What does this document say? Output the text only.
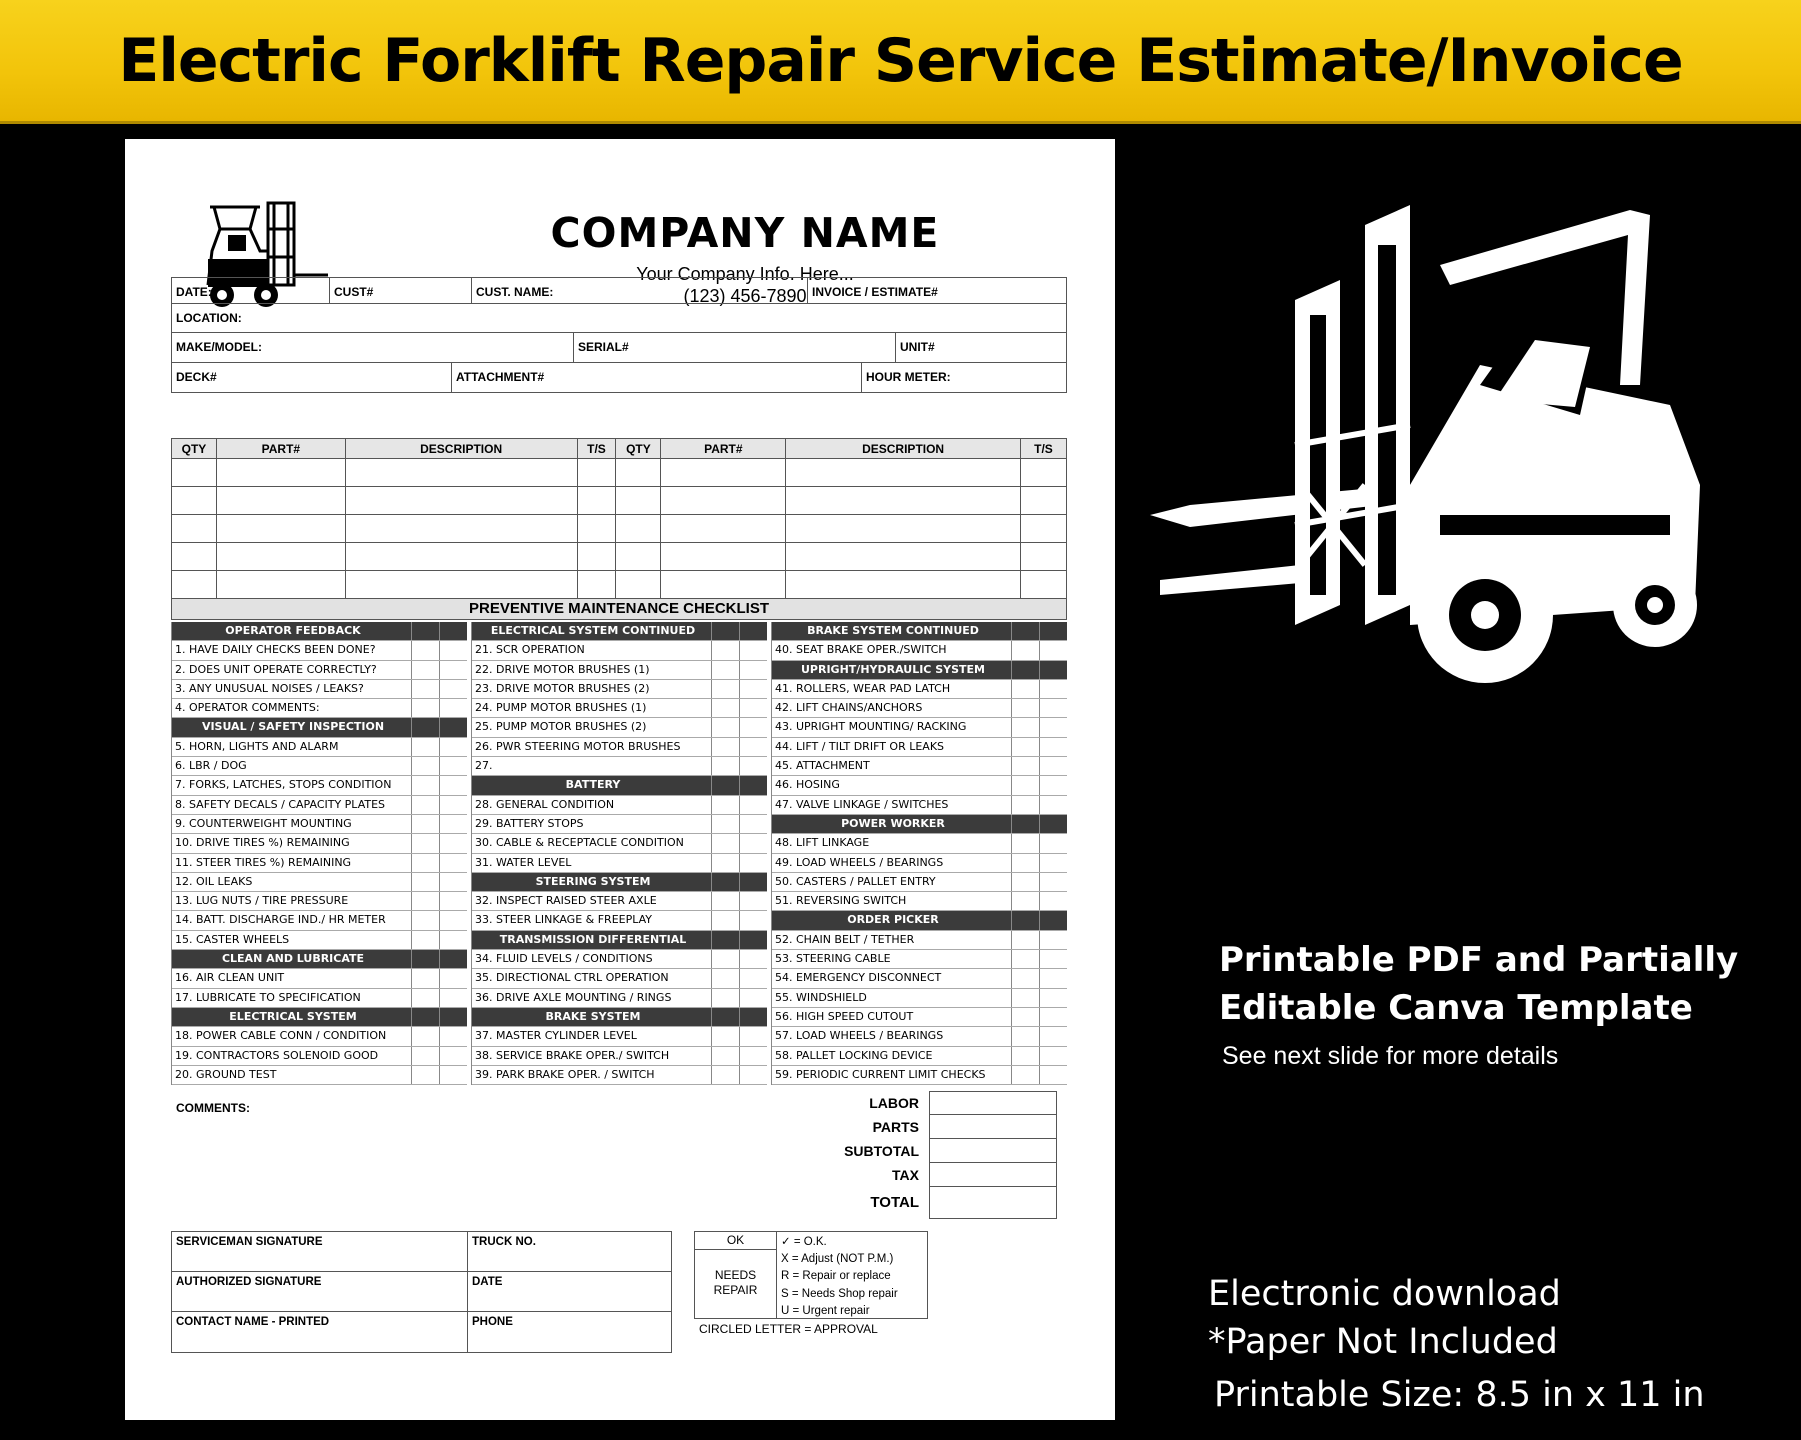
Electric Forklift Repair Service Estimate/Invoice
COMPANY NAME
Your Company Info. Here...
(123) 456-7890
DATE:	CUST#	CUST. NAME:	INVOICE / ESTIMATE#
LOCATION:
MAKE/MODEL:	SERIAL#	UNIT#
DECK#	ATTACHMENT#	HOUR METER:
QTY	PART#	DESCRIPTION	T/S	QTY	PART#	DESCRIPTION	T/S

PREVENTIVE MAINTENANCE CHECKLIST
OPERATOR FEEDBACK
1. HAVE DAILY CHECKS BEEN DONE?
2. DOES UNIT OPERATE CORRECTLY?
3. ANY UNUSUAL NOISES / LEAKS?
4. OPERATOR COMMENTS:
VISUAL / SAFETY INSPECTION
5. HORN, LIGHTS AND ALARM
6. LBR / DOG
7. FORKS, LATCHES, STOPS CONDITION
8. SAFETY DECALS / CAPACITY PLATES
9. COUNTERWEIGHT MOUNTING
10. DRIVE TIRES %) REMAINING
11. STEER TIRES %) REMAINING
12. OIL LEAKS
13. LUG NUTS / TIRE PRESSURE
14. BATT. DISCHARGE IND./ HR METER
15. CASTER WHEELS
CLEAN AND LUBRICATE
16. AIR CLEAN UNIT
17. LUBRICATE TO SPECIFICATION
ELECTRICAL SYSTEM
18. POWER CABLE CONN / CONDITION
19. CONTRACTORS SOLENOID GOOD
20. GROUND TEST
ELECTRICAL SYSTEM CONTINUED
21. SCR OPERATION
22. DRIVE MOTOR BRUSHES (1)
23. DRIVE MOTOR BRUSHES (2)
24. PUMP MOTOR BRUSHES (1)
25. PUMP MOTOR BRUSHES (2)
26. PWR STEERING MOTOR BRUSHES
27.
BATTERY
28. GENERAL CONDITION
29. BATTERY STOPS
30. CABLE & RECEPTACLE CONDITION
31. WATER LEVEL
STEERING SYSTEM
32. INSPECT RAISED STEER AXLE
33. STEER LINKAGE & FREEPLAY
TRANSMISSION DIFFERENTIAL
34. FLUID LEVELS / CONDITIONS
35. DIRECTIONAL CTRL OPERATION
36. DRIVE AXLE MOUNTING / RINGS
BRAKE SYSTEM
37. MASTER CYLINDER LEVEL
38. SERVICE BRAKE OPER./ SWITCH
39. PARK BRAKE OPER. / SWITCH
BRAKE SYSTEM CONTINUED
40. SEAT BRAKE OPER./SWITCH
UPRIGHT/HYDRAULIC SYSTEM
41. ROLLERS, WEAR PAD LATCH
42. LIFT CHAINS/ANCHORS
43. UPRIGHT MOUNTING/ RACKING
44. LIFT / TILT DRIFT OR LEAKS
45. ATTACHMENT
46. HOSING
47. VALVE LINKAGE / SWITCHES
POWER WORKER
48. LIFT LINKAGE
49. LOAD WHEELS / BEARINGS
50. CASTERS / PALLET ENTRY
51. REVERSING SWITCH
ORDER PICKER
52. CHAIN BELT / TETHER
53. STEERING CABLE
54. EMERGENCY DISCONNECT
55. WINDSHIELD
56. HIGH SPEED CUTOUT
57. LOAD WHEELS / BEARINGS
58. PALLET LOCKING DEVICE
59. PERIODIC CURRENT LIMIT CHECKS
COMMENTS:	LABOR
PARTS
SUBTOTAL
TAX
TOTAL
SERVICEMAN SIGNATURE	TRUCK NO.
AUTHORIZED SIGNATURE	DATE
CONTACT NAME - PRINTED	PHONE
OK
NEEDS
REPAIR
✓ = O.K.
X = Adjust (NOT P.M.)
R = Repair or replace
S = Needs Shop repair
U = Urgent repair
CIRCLED LETTER = APPROVAL
Printable PDF and Partially
Editable Canva Template
See next slide for more details
Electronic download
*Paper Not Included
Printable Size: 8.5 in x 11 in
